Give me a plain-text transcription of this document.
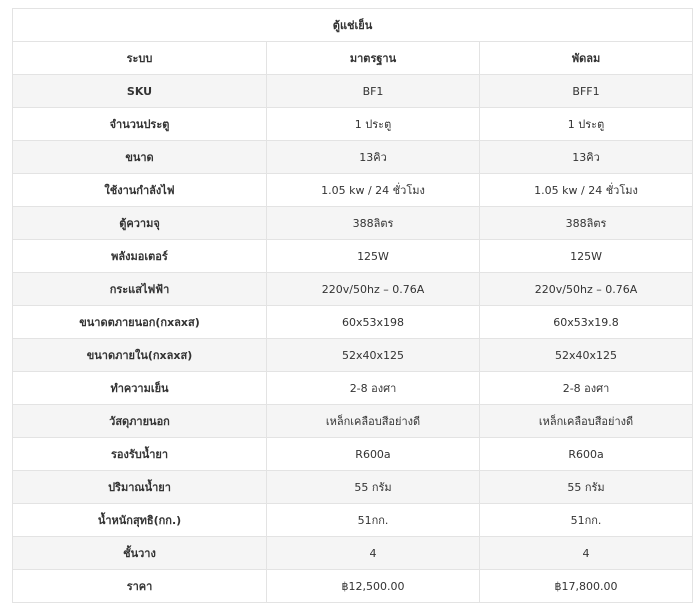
ตู้แช่เย็น		
ระบบ	มาตรฐาน	พัดลม
SKU	BF1	BFF1
จำนวนประตู	1 ประตู	1 ประตู
ขนาด	13คิว	13คิว
ใช้งานกำลังไฟ	1.05 kw / 24 ชั่วโมง	1.05 kw / 24 ชั่วโมง
ตู้ความจุ	388ลิตร	388ลิตร
พลังมอเตอร์	125W	125W
กระแสไฟฟ้า	220v/50hz – 0.76A	220v/50hz – 0.76A
ขนาดตภายนอก(กxลxส)	60x53x198	60x53x19.8
ขนาดภายใน(กxลxส)	52x40x125	52x40x125
ทำความเย็น	2-8 องศา	2-8 องศา
วัสดุภายนอก	เหล็กเคลือบสีอย่างดี	เหล็กเคลือบสีอย่างดี
รองรับน้ำยา	R600a	R600a
ปริมาณน้ำยา	55 กรัม	55 กรัม
น้ำหนักสุทธิ(กก.)	51กก.	51กก.
ชั้นวาง	4	4
ราคา	฿12,500.00	฿17,800.00
